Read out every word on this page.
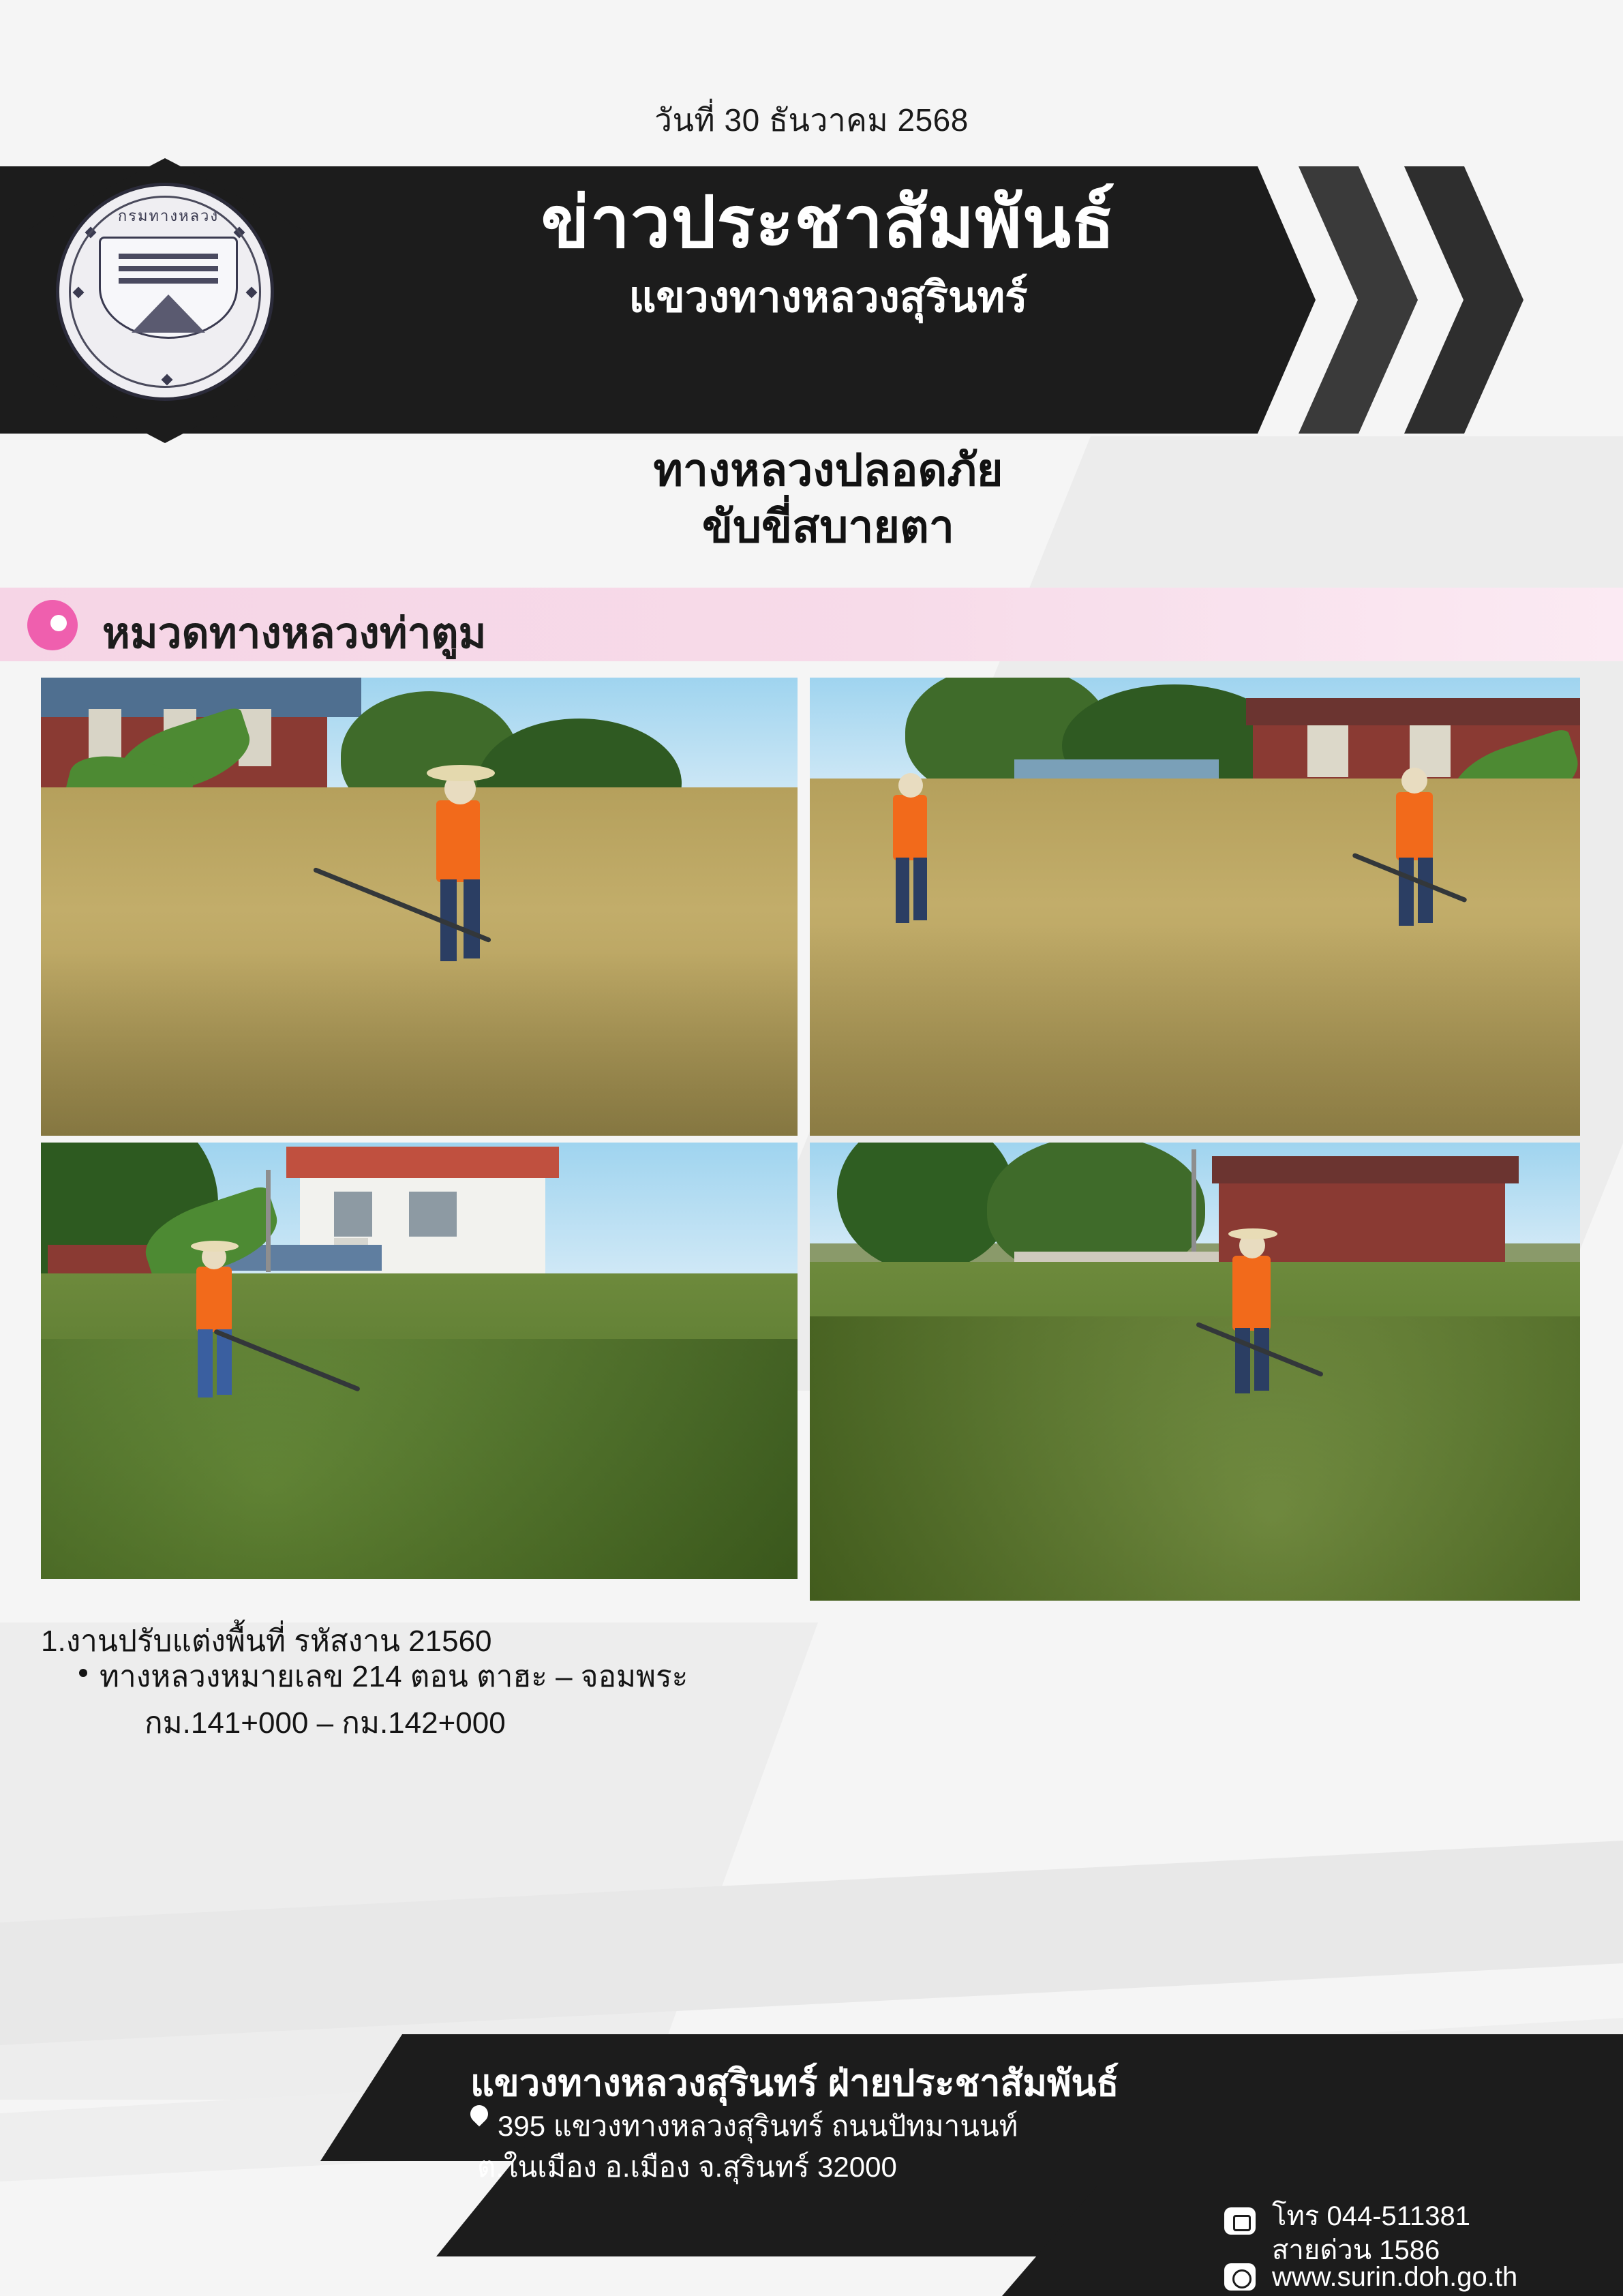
วันที่ 30 ธันวาคม 2568
ข่าวประชาสัมพันธ์
แขวงทางหลวงสุรินทร์
กรมทางหลวง
ทางหลวงปลอดภัย
ขับขี่สบายตา
หมวดทางหลวงท่าตูม
1.งานปรับแต่งพื้นที่ รหัสงาน 21560
ทางหลวงหมายเลข 214 ตอน ตาฮะ – จอมพระ
กม.141+000 – กม.142+000
แขวงทางหลวงสุรินทร์ ฝ่ายประชาสัมพันธ์
395 แขวงทางหลวงสุรินทร์ ถนนปัทมานนท์
ต.ในเมือง อ.เมือง จ.สุรินทร์ 32000
โทร 044-511381
สายด่วน 1586
www.surin.doh.go.th
